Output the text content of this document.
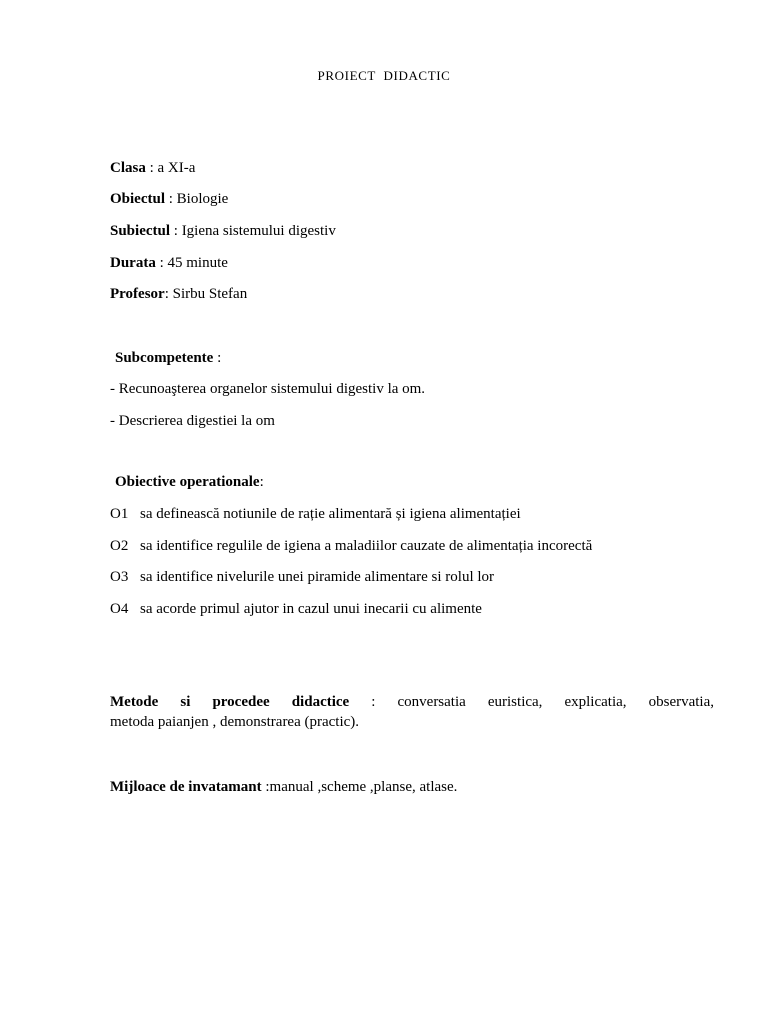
PROIECT DIDACTIC
Clasa : a XI-a
Obiectul : Biologie
Subiectul : Igiena sistemului digestiv
Durata : 45 minute
Profesor: Sirbu Stefan
Subcompetente :
- Recunoaşterea organelor sistemului digestiv la om.
- Descrierea digestiei la om
Obiective operationale:
O1 sa definească notiunile de rație alimentară și igiena alimentației
O2 sa identifice regulile de igiena a maladiilor cauzate de alimentația incorectă
O3 sa identifice nivelurile unei piramide alimentare si rolul lor
O4 sa acorde primul ajutor in cazul unui inecarii cu alimente
Metode si procedee didactice : conversatia euristica, explicatia, observatia,
metoda paianjen , demonstrarea (practic).
Mijloace de invatamant :manual ,scheme ,planse, atlase.
